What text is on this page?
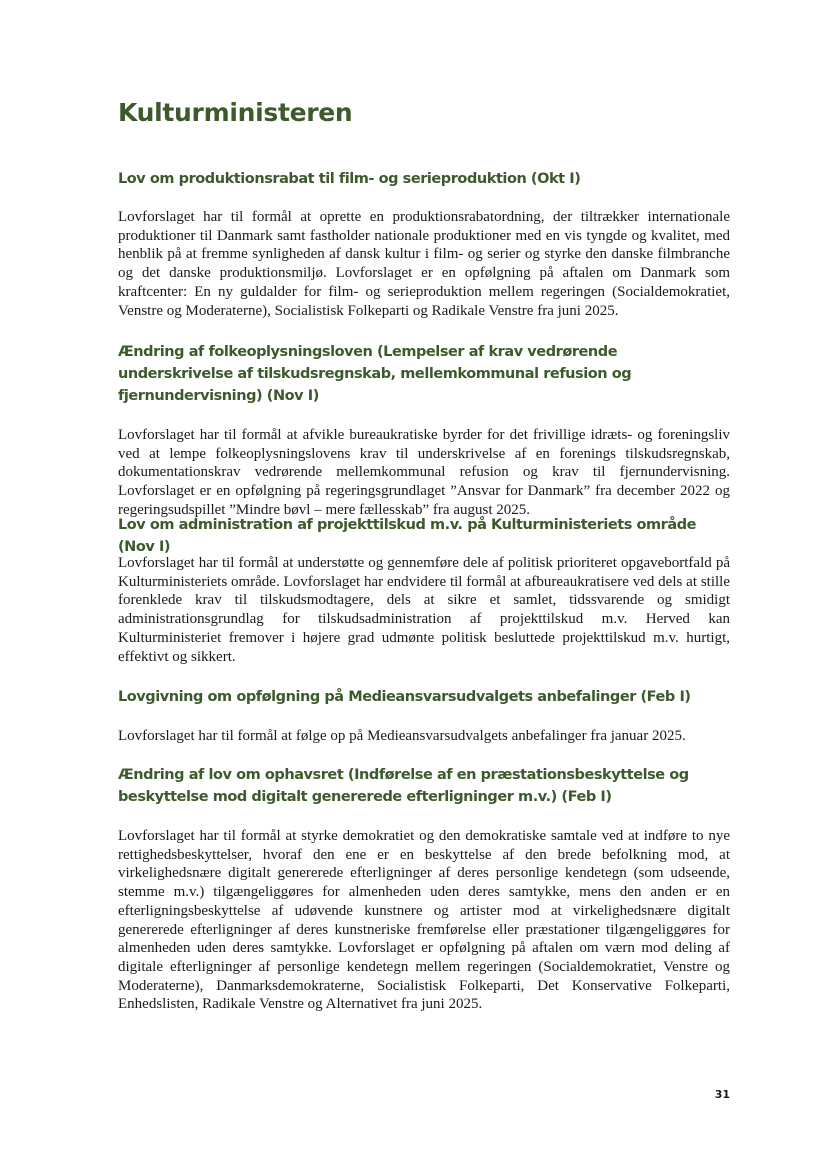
Kulturministeren
Lov om produktionsrabat til film- og serieproduktion (Okt I)

Lovforslaget har til formål at oprette en produktionsrabatordning, der tiltrækker internationale produktioner til Danmark samt fastholder nationale produktioner med en vis tyngde og kvalitet, med henblik på at fremme synligheden af dansk kultur i film- og serier og styrke den danske filmbranche og det danske produktionsmiljø. Lovforslaget er en opfølgning på aftalen om Danmark som kraftcenter: En ny guldalder for film- og serieproduktion mellem regeringen (Socialdemokratiet, Venstre og Moderaterne), Socialistisk Folkeparti og Radikale Venstre fra juni 2025.

Ændring af folkeoplysningsloven (Lempelser af krav vedrørende underskrivelse af tilskudsregnskab, mellemkommunal refusion og fjernundervisning) (Nov I)

Lovforslaget har til formål at afvikle bureaukratiske byrder for det frivillige idræts- og foreningsliv ved at lempe folkeoplysningslovens krav til underskrivelse af en forenings tilskudsregnskab, dokumentationskrav vedrørende mellemkommunal refusion og krav til fjernundervisning. Lovforslaget er en opfølgning på regeringsgrundlaget ”Ansvar for Danmark” fra december 2022 og regeringsudspillet ”Mindre bøvl – mere fællesskab” fra august 2025.

Lov om administration af projekttilskud m.v. på Kulturministeriets område (Nov I)

Lovforslaget har til formål at understøtte og gennemføre dele af politisk prioriteret opgavebortfald på Kulturministeriets område. Lovforslaget har endvidere til formål at afbureaukratisere ved dels at stille forenklede krav til tilskudsmodtagere, dels at sikre et samlet, tidssvarende og smidigt administrationsgrundlag for tilskudsadministration af projekttilskud m.v. Herved kan Kulturministeriet fremover i højere grad udmønte politisk besluttede projekttilskud m.v. hurtigt, effektivt og sikkert.

Lovgivning om opfølgning på Medieansvarsudvalgets anbefalinger (Feb I)

Lovforslaget har til formål at følge op på Medieansvarsudvalgets anbefalinger fra januar 2025.

Ændring af lov om ophavsret (Indførelse af en præstationsbeskyttelse og beskyttelse mod digitalt genererede efterligninger m.v.) (Feb I)

Lovforslaget har til formål at styrke demokratiet og den demokratiske samtale ved at indføre to nye rettighedsbeskyttelser, hvoraf den ene er en beskyttelse af den brede befolkning mod, at virkelighedsnære digitalt genererede efterligninger af deres personlige kendetegn (som udseende, stemme m.v.) tilgængeliggøres for almenheden uden deres samtykke, mens den anden er en efterligningsbeskyttelse af udøvende kunstnere og artister mod at virkelighedsnære digitalt genererede efterligninger af deres kunstneriske fremførelse eller præstationer tilgængeliggøres for almenheden uden deres samtykke. Lovforslaget er opfølgning på aftalen om værn mod deling af digitale efterligninger af personlige kendetegn mellem regeringen (Socialdemokratiet, Venstre og Moderaterne), Danmarksdemokraterne, Socialistisk Folkeparti, Det Konservative Folkeparti, Enhedslisten, Radikale Venstre og Alternativet fra juni 2025.

31
